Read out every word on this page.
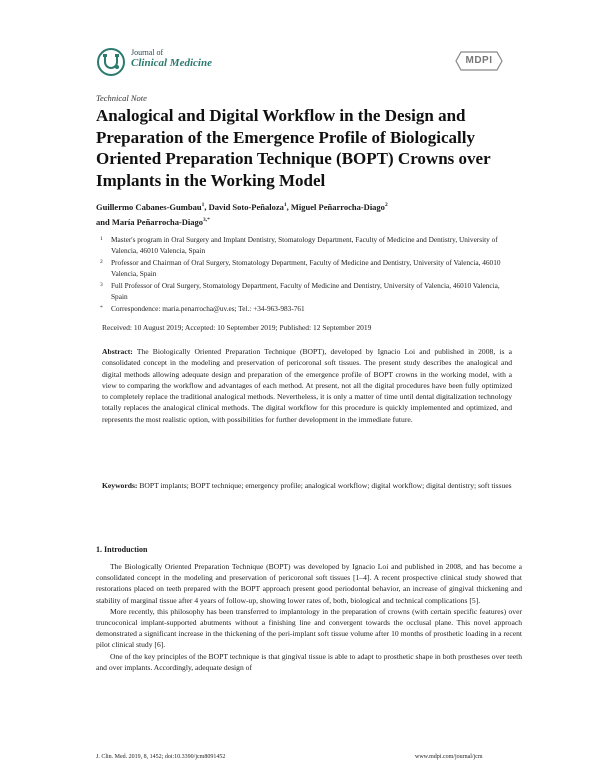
Journal of
Clinical Medicine	MDPI
Technical Note
Analogical and Digital Workflow in the Design and Preparation of the Emergence Profile of Biologically Oriented Preparation Technique (BOPT) Crowns over Implants in the Working Model
Guillermo Cabanes-Gumbau$^1$, David Soto-Peñaloza$^1$, Miguel Peñarrocha-Diago$^2$
and María Peñarrocha-Diago$^{3,*}$
1 Master's program in Oral Surgery and Implant Dentistry, Stomatology Department, Faculty of Medicine and Dentistry, University of Valencia, 46010 Valencia, Spain
2 Professor and Chairman of Oral Surgery, Stomatology Department, Faculty of Medicine and Dentistry, University of Valencia, 46010 Valencia, Spain
3 Full Professor of Oral Surgery, Stomatology Department, Faculty of Medicine and Dentistry, University of Valencia, 46010 Valencia, Spain
* Correspondence: maria.penarrocha@uv.es; Tel.: +34-963-983-761
Received: 10 August 2019; Accepted: 10 September 2019; Published: 12 September 2019
Abstract: The Biologically Oriented Preparation Technique (BOPT), developed by Ignacio Loi and published in 2008, is a consolidated concept in the modeling and preservation of pericoronal soft tissues. The present study describes the analogical and digital methods allowing adequate design and preparation of the emergence profile of BOPT crowns in the working model, with a view to comparing the workflow and advantages of each method. At present, not all the digital procedures have been fully optimized to completely replace the traditional analogical methods. Nevertheless, it is only a matter of time until dental digitalization technology totally replaces the analogical clinical methods. The digital workflow for this procedure is quickly implemented and optimized, and represents the most realistic option, with possibilities for further development in the immediate future.
Keywords: BOPT implants; BOPT technique; emergency profile; analogical workflow; digital workflow; digital dentistry; soft tissues
1. Introduction

The Biologically Oriented Preparation Technique (BOPT) was developed by Ignacio Loi and published in 2008, and has become a consolidated concept in the modeling and preservation of pericoronal soft tissues [1–4]. A recent prospective clinical study showed that restorations placed on teeth prepared with the BOPT approach present good periodontal behavior, an increase of gingival thickening and stability of marginal tissue after 4 years of follow-up, showing lower rates of, both, biological and technical complications [5].

More recently, this philosophy has been transferred to implantology in the preparation of crowns (with certain specific features) over truncoconical implant-supported abutments without a finishing line and convergent towards the occlusal plane. This novel approach demonstrated a significant increase in the thickening of the peri-implant soft tissue volume after 10 months of prosthetic loading in a recent pilot clinical study [6].

One of the key principles of the BOPT technique is that gingival tissue is able to adapt to prosthetic shape in both prostheses over teeth and over implants. Accordingly, adequate design of

J. Clin. Med. 2019, 8, 1452; doi:10.3390/jcm8091452	www.mdpi.com/journal/jcm
